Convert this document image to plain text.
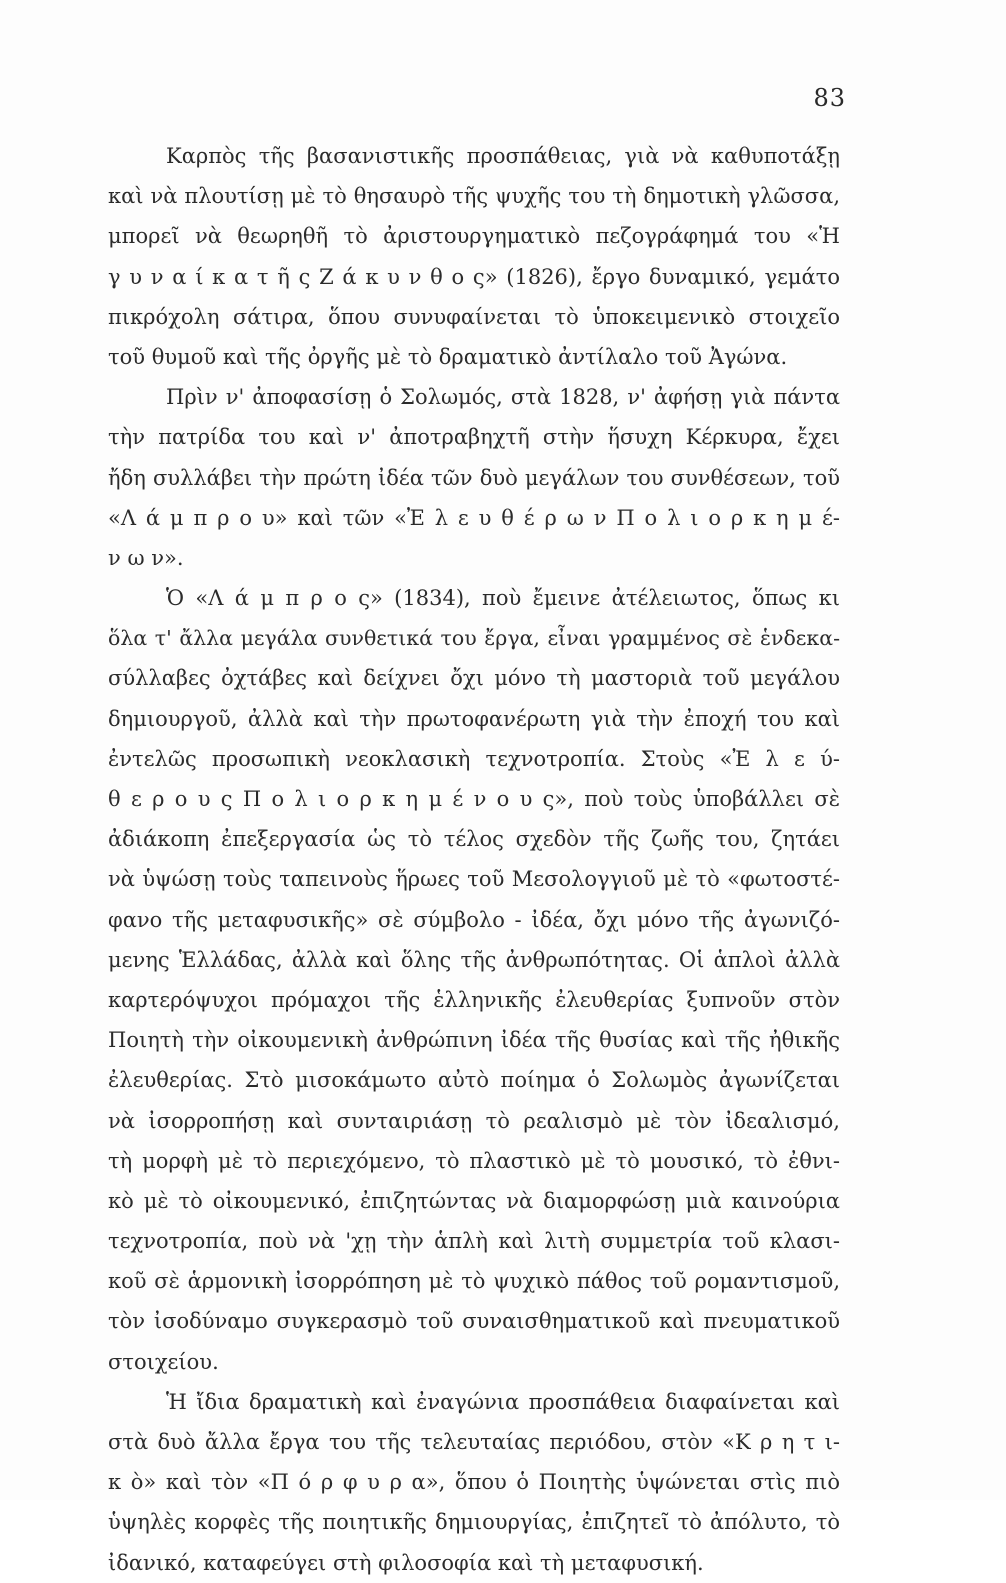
83
Καρπὸς τῆς βασανιστικῆς προσπάθειας, γιὰ νὰ καθυποτάξῃ
καὶ νὰ πλουτίσῃ μὲ τὸ θησαυρὸ τῆς ψυχῆς του τὴ δημοτικὴ γλῶσσα,
μπορεῖ νὰ θεωρηθῆ τὸ ἀριστουργηματικὸ πεζογράφημά του «Ἡ
γ υ ν α ί κ α τ ῆ ς Ζ ά κ υ ν θ ο ς» (1826), ἔργο δυναμικό, γεμάτο
πικρόχολη σάτιρα, ὅπου συνυφαίνεται τὸ ὑποκειμενικὸ στοιχεῖο
τοῦ θυμοῦ καὶ τῆς ὀργῆς μὲ τὸ δραματικὸ ἀντίλαλο τοῦ Ἀγώνα.
Πρὶν ν' ἀποφασίσῃ ὁ Σολωμός, στὰ 1828, ν' ἀφήσῃ γιὰ πάντα
τὴν πατρίδα του καὶ ν' ἀποτραβηχτῆ στὴν ἥσυχη Κέρκυρα, ἔχει
ἤδη συλλάβει τὴν πρώτη ἰδέα τῶν δυὸ μεγάλων του συνθέσεων, τοῦ
«Λ ά μ π ρ ο υ» καὶ τῶν «Ἐ λ ε υ θ έ ρ ω ν Π ο λ ι ο ρ κ η μ έ-
ν ω ν».
Ὁ «Λ ά μ π ρ ο ς» (1834), ποὺ ἔμεινε ἀτέλειωτος, ὅπως κι
ὅλα τ' ἄλλα μεγάλα συνθετικά του ἔργα, εἶναι γραμμένος σὲ ἑνδεκα-
σύλλαβες ὀχτάβες καὶ δείχνει ὄχι μόνο τὴ μαστοριὰ τοῦ μεγάλου
δημιουργοῦ, ἀλλὰ καὶ τὴν πρωτοφανέρωτη γιὰ τὴν ἐποχή του καὶ
ἐντελῶς προσωπικὴ νεοκλασικὴ τεχνοτροπία. Στοὺς «Ἐ λ ε ύ-
θ ε ρ ο υ ς Π ο λ ι ο ρ κ η μ έ ν ο υ ς», ποὺ τοὺς ὑποβάλλει σὲ
ἀδιάκοπη ἐπεξεργασία ὡς τὸ τέλος σχεδὸν τῆς ζωῆς του, ζητάει
νὰ ὑψώσῃ τοὺς ταπεινοὺς ἥρωες τοῦ Μεσολογγιοῦ μὲ τὸ «φωτοστέ-
φανο τῆς μεταφυσικῆς» σὲ σύμβολο - ἰδέα, ὄχι μόνο τῆς ἀγωνιζό-
μενης Ἑλλάδας, ἀλλὰ καὶ ὅλης τῆς ἀνθρωπότητας. Οἱ ἁπλοὶ ἀλλὰ
καρτερόψυχοι πρόμαχοι τῆς ἑλληνικῆς ἐλευθερίας ξυπνοῦν στὸν
Ποιητὴ τὴν οἰκουμενικὴ ἀνθρώπινη ἰδέα τῆς θυσίας καὶ τῆς ἠθικῆς
ἐλευθερίας. Στὸ μισοκάμωτο αὐτὸ ποίημα ὁ Σολωμὸς ἀγωνίζεται
νὰ ἰσορροπήσῃ καὶ συνταιριάσῃ τὸ ρεαλισμὸ μὲ τὸν ἰδεαλισμό,
τὴ μορφὴ μὲ τὸ περιεχόμενο, τὸ πλαστικὸ μὲ τὸ μουσικό, τὸ ἐθνι-
κὸ μὲ τὸ οἰκουμενικό, ἐπιζητώντας νὰ διαμορφώσῃ μιὰ καινούρια
τεχνοτροπία, ποὺ νὰ 'χῃ τὴν ἁπλὴ καὶ λιτὴ συμμετρία τοῦ κλασι-
κοῦ σὲ ἁρμονικὴ ἰσορρόπηση μὲ τὸ ψυχικὸ πάθος τοῦ ρομαντισμοῦ,
τὸν ἰσοδύναμο συγκερασμὸ τοῦ συναισθηματικοῦ καὶ πνευματικοῦ
στοιχείου.
Ἡ ἴδια δραματικὴ καὶ ἐναγώνια προσπάθεια διαφαίνεται καὶ
στὰ δυὸ ἄλλα ἔργα του τῆς τελευταίας περιόδου, στὸν «Κ ρ η τ ι-
κ ὸ» καὶ τὸν «Π ό ρ φ υ ρ α», ὅπου ὁ Ποιητὴς ὑψώνεται στὶς πιὸ
ὑψηλὲς κορφὲς τῆς ποιητικῆς δημιουργίας, ἐπιζητεῖ τὸ ἀπόλυτο, τὸ
ἰδανικό, καταφεύγει στὴ φιλοσοφία καὶ τὴ μεταφυσική.
